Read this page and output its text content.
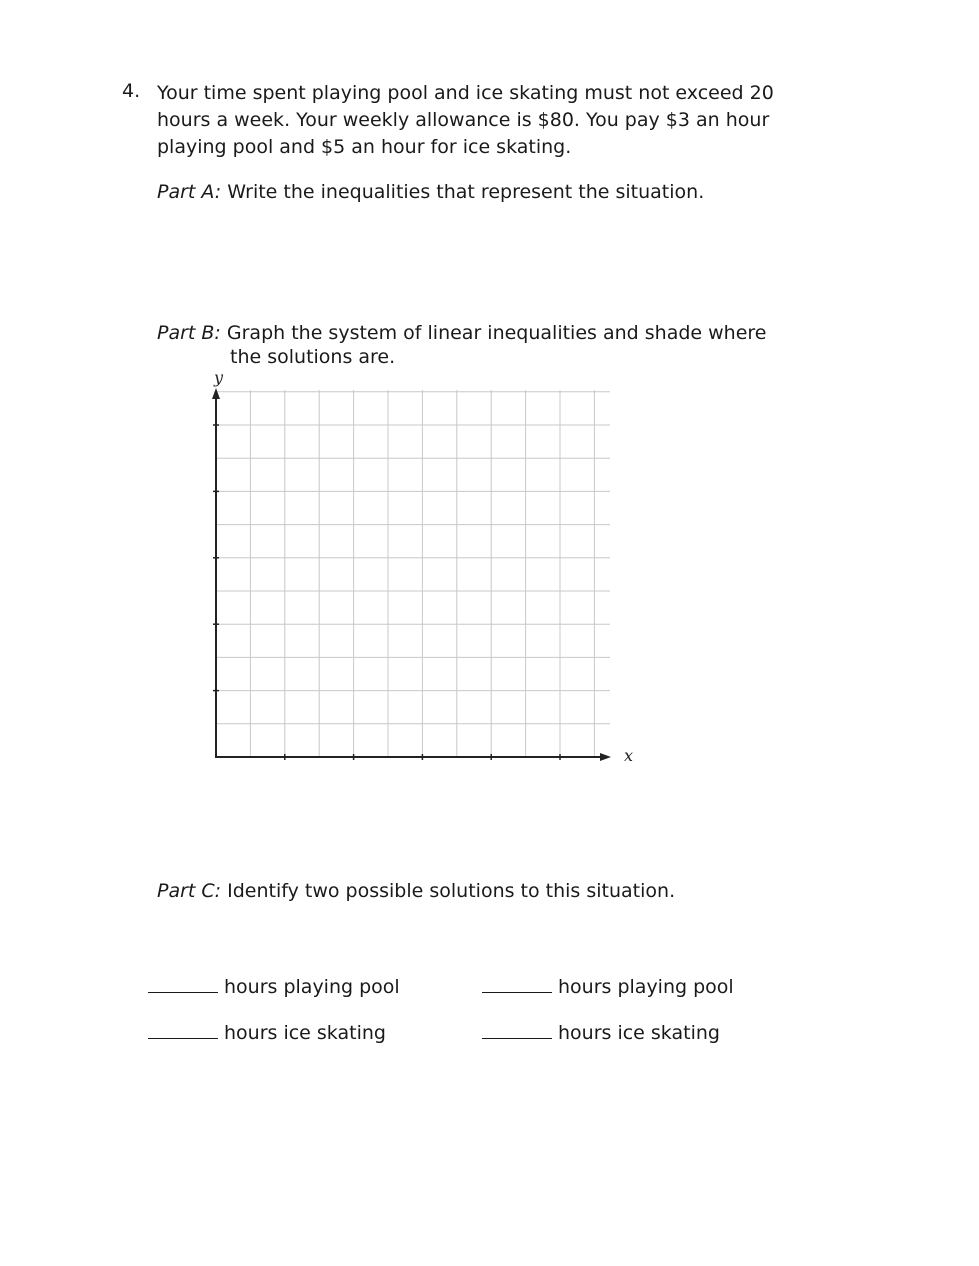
4. Your time spent playing pool and ice skating must not exceed 20
hours a week. Your weekly allowance is $80. You pay $3 an hour
playing pool and $5 an hour for ice skating.
Part A: Write the inequalities that represent the situation.
Part B: Graph the system of linear inequalities and shade where
the solutions are.
y
x
Part C: Identify two possible solutions to this situation.
hours playing pool
hours ice skating
hours playing pool
hours ice skating
